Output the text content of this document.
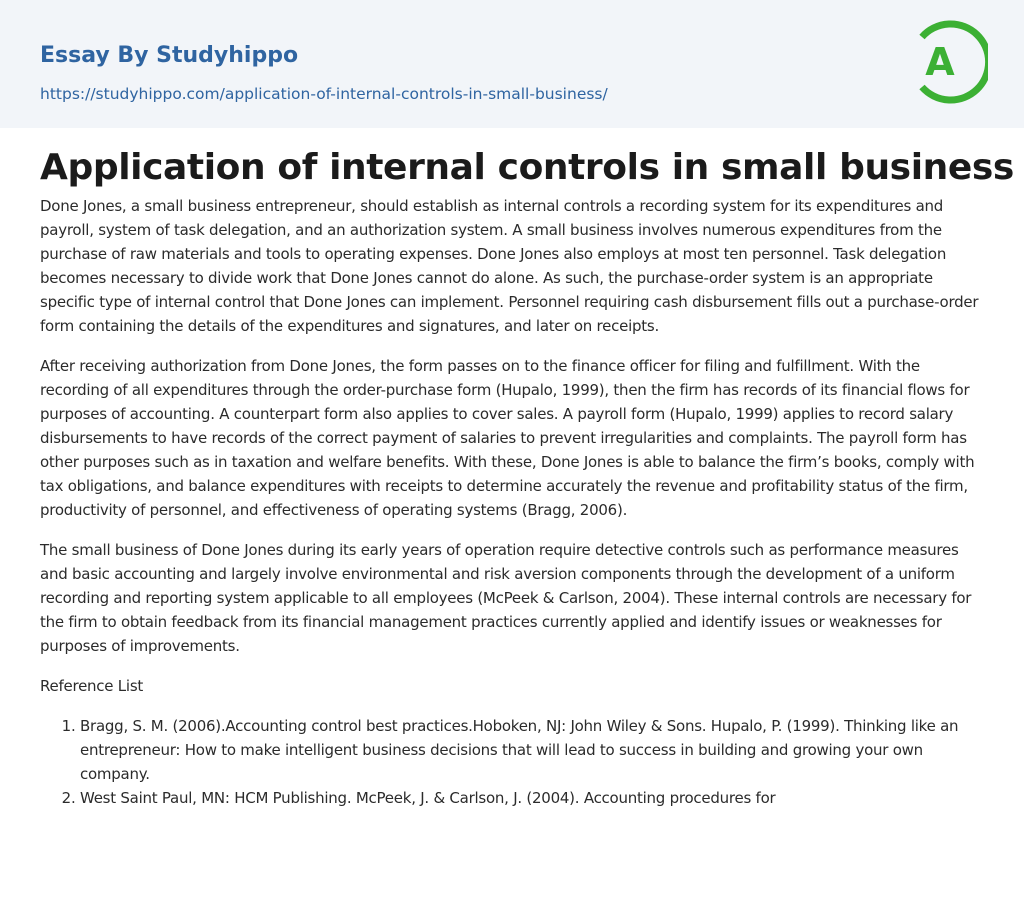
Essay By Studyhippo
https://studyhippo.com/application-of-internal-controls-in-small-business/
A
Application of internal controls in small business

Done Jones, a small business entrepreneur, should establish as internal controls a recording system for its expenditures and payroll, system of task delegation, and an authorization system. A small business involves numerous expenditures from the purchase of raw materials and tools to operating expenses. Done Jones also employs at most ten personnel. Task delegation becomes necessary to divide work that Done Jones cannot do alone. As such, the purchase-order system is an appropriate specific type of internal control that Done Jones can implement. Personnel requiring cash disbursement fills out a purchase-order form containing the details of the expenditures and signatures, and later on receipts.

After receiving authorization from Done Jones, the form passes on to the finance officer for filing and fulfillment. With the recording of all expenditures through the order-purchase form (Hupalo, 1999), then the firm has records of its financial flows for purposes of accounting. A counterpart form also applies to cover sales. A payroll form (Hupalo, 1999) applies to record salary disbursements to have records of the correct payment of salaries to prevent irregularities and complaints. The payroll form has other purposes such as in taxation and welfare benefits. With these, Done Jones is able to balance the firm’s books, comply with tax obligations, and balance expenditures with receipts to determine accurately the revenue and profitability status of the firm, productivity of personnel, and effectiveness of operating systems (Bragg, 2006).

The small business of Done Jones during its early years of operation require detective controls such as performance measures and basic accounting and largely involve environmental and risk aversion components through the development of a uniform recording and reporting system applicable to all employees (McPeek & Carlson, 2004). These internal controls are necessary for the firm to obtain feedback from its financial management practices currently applied and identify issues or weaknesses for purposes of improvements.

Reference List

1. Bragg, S. M. (2006).Accounting control best practices.Hoboken, NJ: John Wiley & Sons. Hupalo, P. (1999). Thinking like an entrepreneur: How to make intelligent business decisions that will lead to success in building and growing your own company.
2. West Saint Paul, MN: HCM Publishing. McPeek, J. & Carlson, J. (2004). Accounting procedures for
